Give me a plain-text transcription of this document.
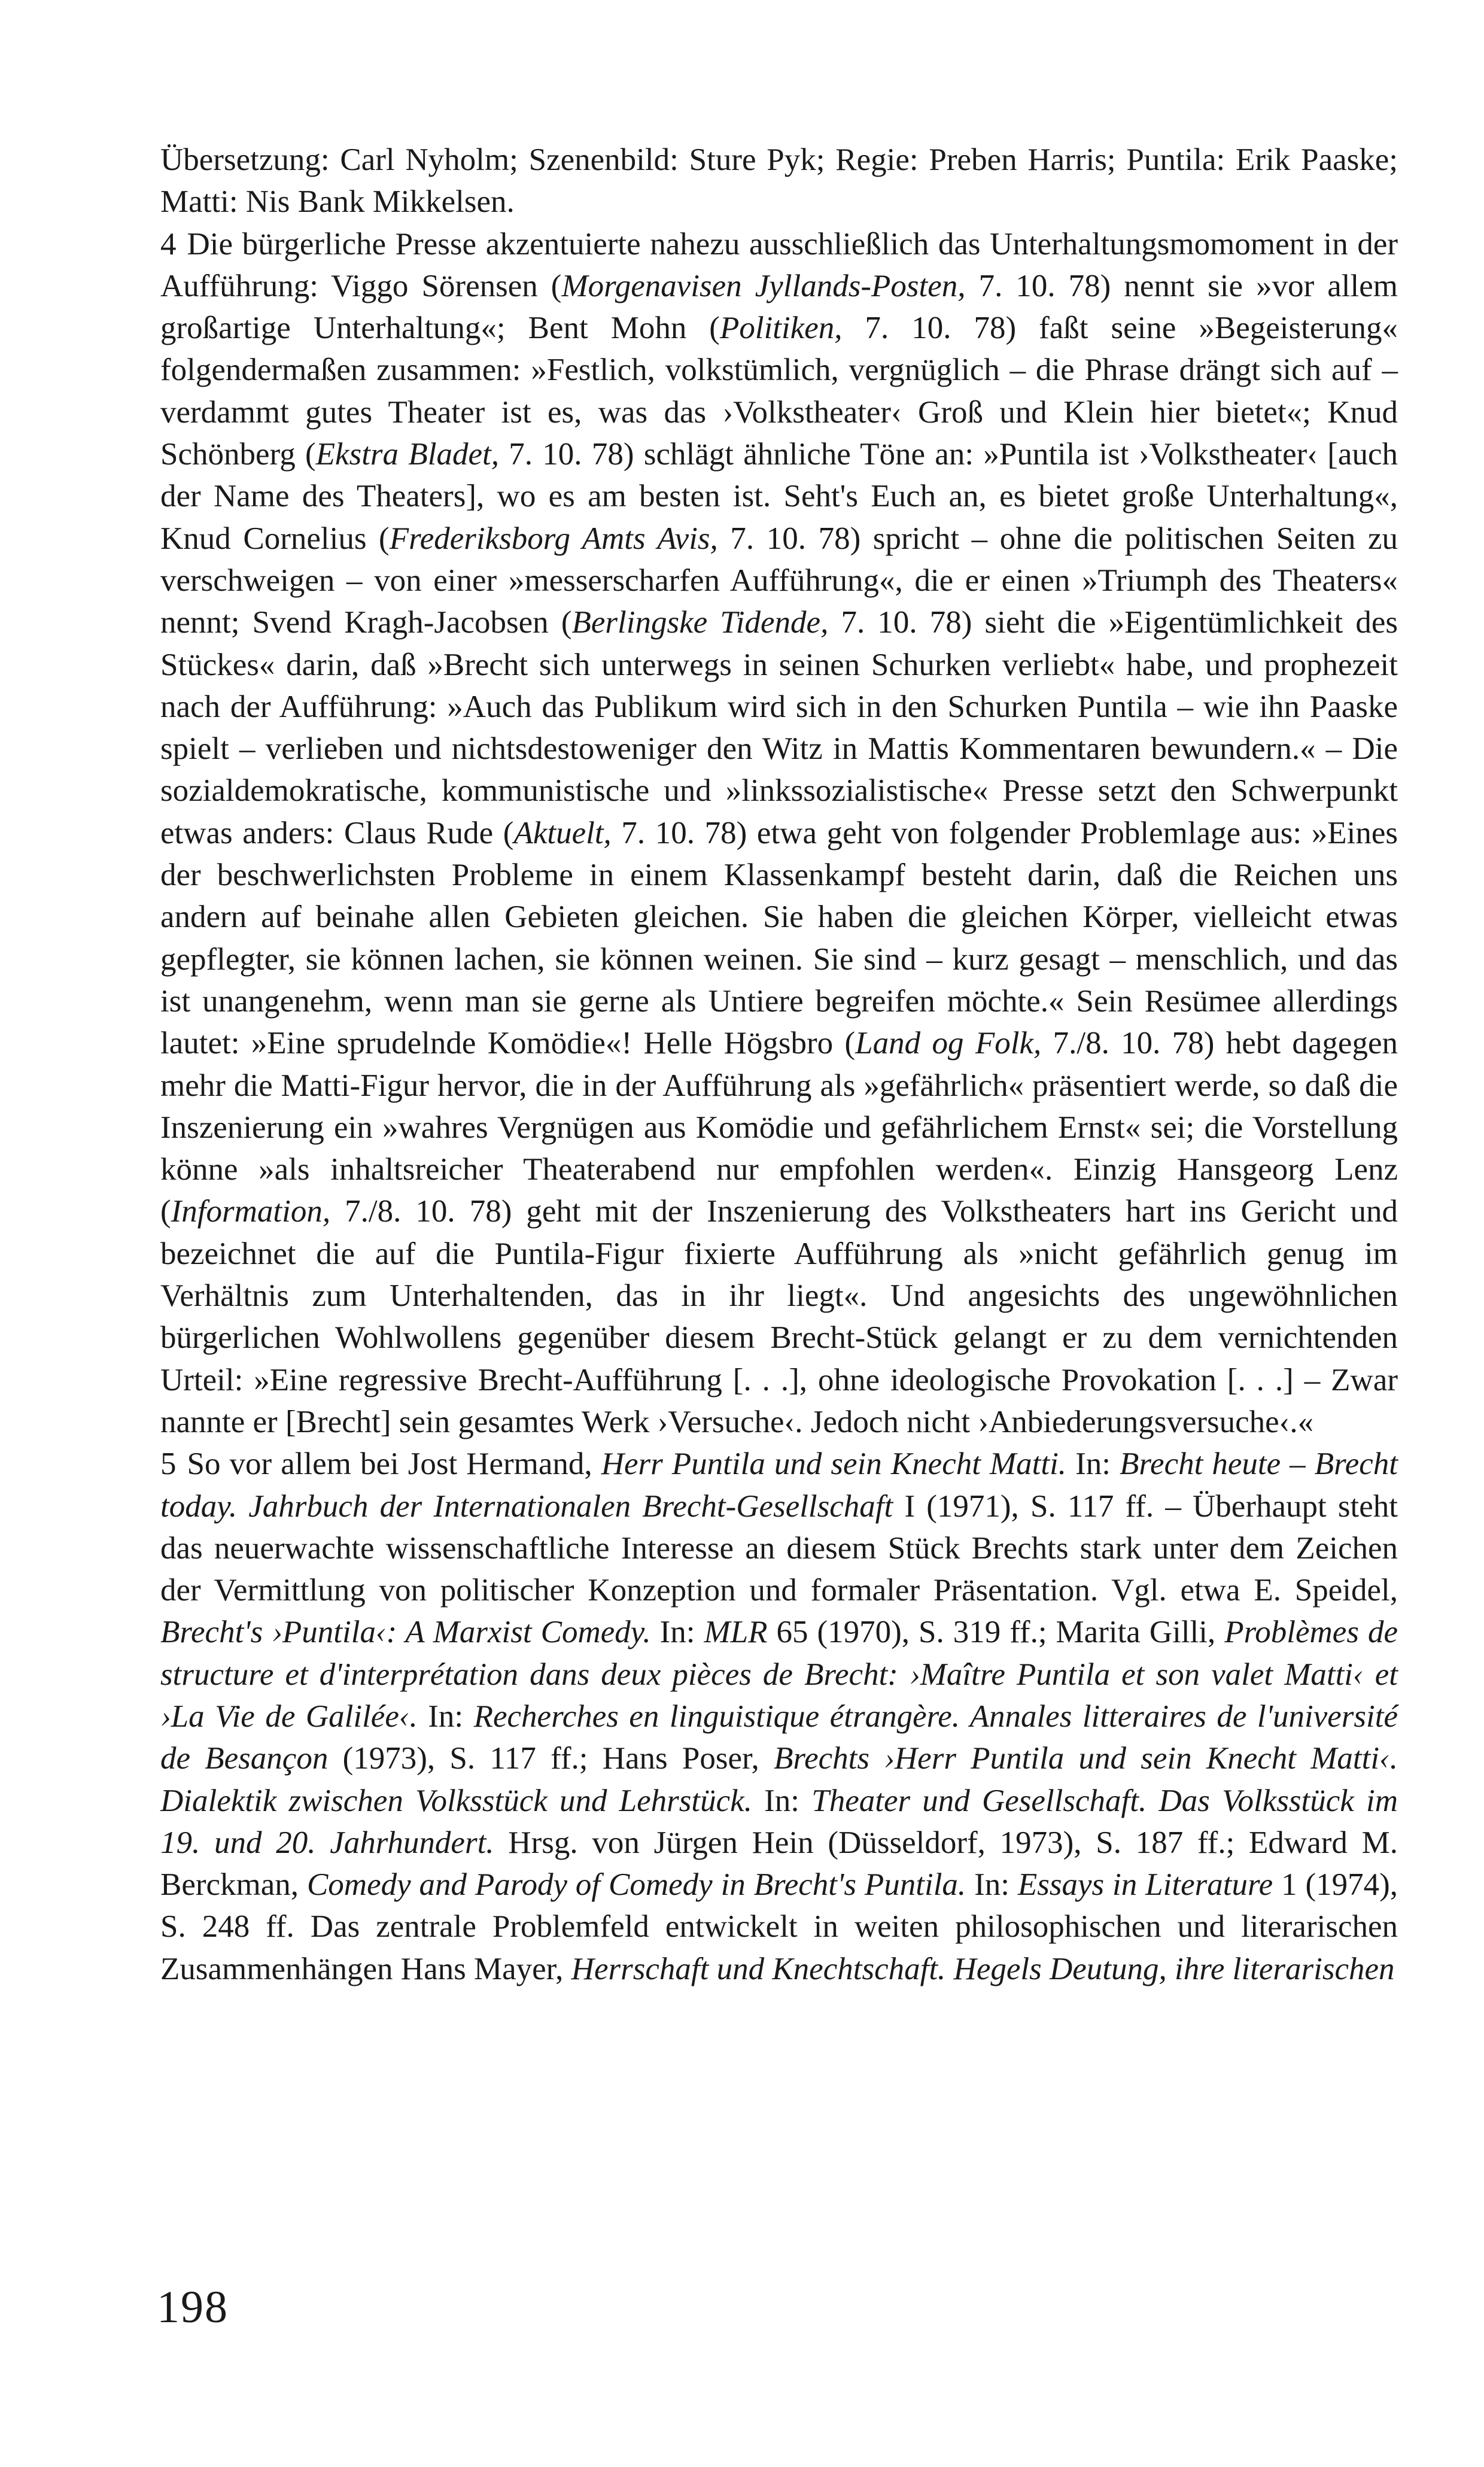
Übersetzung: Carl Nyholm; Szenenbild: Sture Pyk; Regie: Preben Harris; Puntila: Erik Paaske; Matti: Nis Bank Mikkelsen.

4 Die bürgerliche Presse akzentuierte nahezu ausschließlich das Unterhaltungsmomoment in der Aufführung: Viggo Sörensen (Morgenavisen Jyllands-Posten, 7. 10. 78) nennt sie »vor allem großartige Unterhaltung«; Bent Mohn (Politiken, 7. 10. 78) faßt seine »Begeisterung« folgendermaßen zusammen: »Festlich, volkstümlich, vergnüglich – die Phrase drängt sich auf – verdammt gutes Theater ist es, was das ›Volkstheater‹ Groß und Klein hier bietet«; Knud Schönberg (Ekstra Bladet, 7. 10. 78) schlägt ähnliche Töne an: »Puntila ist ›Volkstheater‹ [auch der Name des Theaters], wo es am besten ist. Seht's Euch an, es bietet große Unterhaltung«, Knud Cornelius (Frederiksborg Amts Avis, 7. 10. 78) spricht – ohne die politischen Seiten zu verschweigen – von einer »messerscharfen Aufführung«, die er einen »Triumph des Theaters« nennt; Svend Kragh-Jacobsen (Berlingske Tidende, 7. 10. 78) sieht die »Eigentümlichkeit des Stückes« darin, daß »Brecht sich unterwegs in seinen Schurken verliebt« habe, und prophezeit nach der Aufführung: »Auch das Publikum wird sich in den Schurken Puntila – wie ihn Paaske spielt – verlieben und nichtsdestoweniger den Witz in Mattis Kommentaren bewundern.« – Die sozialdemokratische, kommunistische und »linkssozialistische« Presse setzt den Schwerpunkt etwas anders: Claus Rude (Aktuelt, 7. 10. 78) etwa geht von folgender Problemlage aus: »Eines der beschwerlichsten Probleme in einem Klassenkampf besteht darin, daß die Reichen uns andern auf beinahe allen Gebieten gleichen. Sie haben die gleichen Körper, vielleicht etwas gepflegter, sie können lachen, sie können weinen. Sie sind – kurz gesagt – menschlich, und das ist unangenehm, wenn man sie gerne als Untiere begreifen möchte.« Sein Resümee allerdings lautet: »Eine sprudelnde Komödie«! Helle Högsbro (Land og Folk, 7./8. 10. 78) hebt dagegen mehr die Matti-Figur hervor, die in der Aufführung als »gefährlich« präsentiert werde, so daß die Inszenierung ein »wahres Vergnügen aus Komödie und gefährlichem Ernst« sei; die Vorstellung könne »als inhaltsreicher Theaterabend nur empfohlen werden«. Einzig Hansgeorg Lenz (Information, 7./8. 10. 78) geht mit der Inszenierung des Volkstheaters hart ins Gericht und bezeichnet die auf die Puntila-Figur fixierte Aufführung als »nicht gefährlich genug im Verhältnis zum Unterhaltenden, das in ihr liegt«. Und angesichts des ungewöhnlichen bürgerlichen Wohlwollens gegenüber diesem Brecht-Stück gelangt er zu dem vernichtenden Urteil: »Eine regressive Brecht-Aufführung [. . .], ohne ideologische Provokation [. . .] – Zwar nannte er [Brecht] sein gesamtes Werk ›Versuche‹. Jedoch nicht ›Anbiederungsversuche‹.«

5 So vor allem bei Jost Hermand, Herr Puntila und sein Knecht Matti. In: Brecht heute – Brecht today. Jahrbuch der Internationalen Brecht-Gesellschaft I (1971), S. 117 ff. – Überhaupt steht das neuerwachte wissenschaftliche Interesse an diesem Stück Brechts stark unter dem Zeichen der Vermittlung von politischer Konzeption und formaler Präsentation. Vgl. etwa E. Speidel, Brecht's ›Puntila‹: A Marxist Comedy. In: MLR 65 (1970), S. 319 ff.; Marita Gilli, Problèmes de structure et d'interprétation dans deux pièces de Brecht: ›Maître Puntila et son valet Matti‹ et ›La Vie de Galilée‹. In: Recherches en linguistique étrangère. Annales litteraires de l'université de Besançon (1973), S. 117 ff.; Hans Poser, Brechts ›Herr Puntila und sein Knecht Matti‹. Dialektik zwischen Volksstück und Lehrstück. In: Theater und Gesellschaft. Das Volksstück im 19. und 20. Jahrhundert. Hrsg. von Jürgen Hein (Düsseldorf, 1973), S. 187 ff.; Edward M. Berckman, Comedy and Parody of Comedy in Brecht's Puntila. In: Essays in Literature 1 (1974), S. 248 ff. Das zentrale Problemfeld entwickelt in weiten philosophischen und literarischen Zusammenhängen Hans Mayer, Herrschaft und Knechtschaft. Hegels Deutung, ihre literarischen

198
